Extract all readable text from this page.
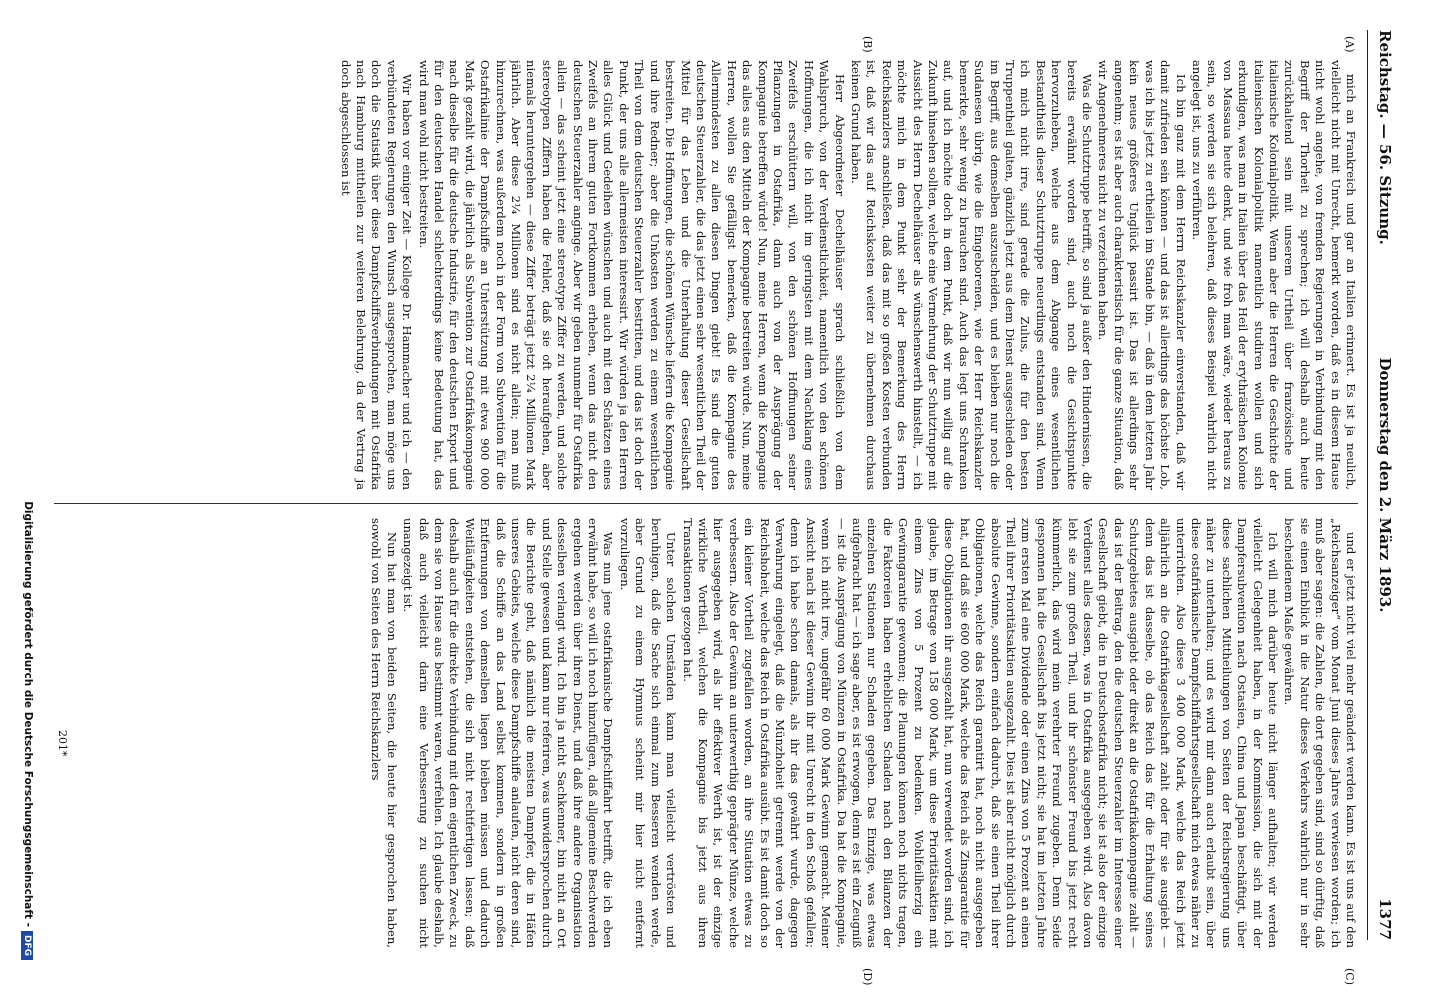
Reichstag. — 56. Sitzung.
Donnerstag den 2. März 1893.
1377
(A)
(B)
(C)
(D)

mich an Frankreich und gar an Italien erinnert. Es ist ja neulich, vielleicht nicht mit Unrecht, bemerkt worden, daß es in diesem Hause nicht wohl angehe, von fremden Regierungen in Verbindung mit den Begriff der Thorheit zu sprechen; ich will deshalb auch heute zurückhaltend sein mit unserem Urtheil über französische und italienische Kolonialpolitik. Wenn aber die Herren die Geschichte der italienischen Kolonialpolitik namentlich studiren wollen und sich erkundigen, was man in Italien über das Heil der erythräischen Kolonie von Massaua heute denkt, und wie froh man wäre, wieder heraus zu sein, so werden sie sich belehren, daß dieses Beispiel wahrlich nicht angelegt ist, uns zu verführen.

Ich bin ganz mit dem Herrn Reichskanzler einverstanden, daß wir damit zufrieden sein können — und das ist allerdings das höchste Lob, was ich bis jetzt zu ertheilen im Stande bin, — daß in dem letzten Jahr kein neues größeres Unglück passirt ist. Das ist allerdings sehr angenehm; es ist aber auch charakteristisch für die ganze Situation, daß wir Angenehmeres nicht zu verzeichnen haben.

Was die Schutztruppe betrifft, so sind ja außer den Hindernissen, die bereits erwähnt worden sind, auch noch die Gesichtspunkte hervorzuheben, welche aus dem Abgange eines wesentlichen Bestandtheils dieser Schutztruppe neuerdings entstanden sind. Wenn ich mich nicht irre, sind gerade die Zulus, die für den besten Truppentheil galten, gänzlich jetzt aus dem Dienst ausgeschieden oder im Begriff, aus demselben auszuscheiden, und es bleiben nur noch die Sudanesen übrig, wie die Eingeborenen, wie der Herr Reichskanzler bemerkte, sehr wenig zu brauchen sind. Auch das legt uns Schranken auf, und ich möchte doch in dem Punkt, daß wir nun willig auf die Zukunft hinsehen sollten, welche eine Vermehrung der Schutztruppe mit Aussicht des Herrn Dechelhäuser als wünschenswerth hinstellt, — ich möchte mich in dem Punkt sehr der Bemerkung des Herrn Reichskanzlers anschließen, daß das mit so großen Kosten verbunden ist, daß wir das auf Reichskosten weiter zu übernehmen durchaus keinen Grund haben.

Herr Abgeordneter Dechelhäuser sprach schließlich von dem Wahlspruch, von der Verdienstlichkeit, namentlich von den schönen Hoffnungen, die ich nicht im geringsten mit dem Nachklang eines Zweifels erschüttern will, von den schönen Hoffnungen seiner Pflanzungen in Ostafrika, dann auch von der Ausprägung der Kompagnie betreffen würde! Nun, meine Herren, wenn die Kompagnie das alles aus den Mitteln der Kompagnie bestreiten würde. Nun, meine Herren, wollen Sie gefälligst bemerken, daß die Kompagnie des Allermindesten zu allen diesen Dingen giebt! Es sind die guten deutschen Steuerzahler, die das jetzt einen sehr wesentlichen Theil der Mittel für das Leben und die Unterhaltung dieser Gesellschaft bestreiten. Die Hoffnungen, die schönen Wünsche liefern die Kompagnie und ihre Redner; aber die Unkosten werden zu einem wesentlichen Theil von dem deutschen Steuerzahler bestritten, und das ist doch der Punkt, der uns alle allermeisten interessirt. Wir würden ja den Herren alles Glück und Gedeihen wünschen und auch mit den Schätzen eines Zweifels an ihrem guten Fortkommen erheben, wenn das nicht den deutschen Steuerzahler anginge. Aber wir geben nunmehr für Ostafrika allein — das scheint jetzt eine stereotype Ziffer zu werden, und solche stereotypen Ziffern haben die Fehler, daß sie oft heraufgehen, aber niemals heruntergehen — diese Ziffer beträgt jetzt 2¼ Millionen Mark jährlich. Aber diese 2¼ Millionen sind es nicht allein; man muß hinzurechnen, was außerdem noch in der Form von Subvention für die Ostafrikalinie der Dampfschiffe an Unterstützung mit etwa 900 000 Mark gezahlt wird, die jährlich als Subvention zur Ostafrikakompagnie nach dieselbe für die deutsche Industrie, für den deutschen Export und für den deutschen Handel schlechterdings keine Bedeutung hat, das wird man wohl nicht bestreiten.

Wir haben vor einiger Zeit — Kollege Dr. Hammacher und ich — den verbündeten Regierungen den Wunsch ausgesprochen, man möge uns doch die Statistik über diese Dampfschiffsverbindungen mit Ostafrika nach Hamburg mittheilen zur weiteren Belehrung, da der Vertrag ja doch abgeschlossen ist

und er jetzt nicht viel mehr geändert werden kann. Es ist uns auf den „Reichsanzeiger“ vom Monat Juni dieses Jahres verwiesen worden; ich muß aber sagen: die Zahlen, die dort gegeben sind, sind so dürftig, daß sie einen Einblick in die Natur dieses Verkehrs wahrlich nur in sehr bescheidenem Maße gewähren.

Ich will mich darüber heute nicht länger aufhalten; wir werden vielleicht Gelegenheit haben, in der Kommission, die sich mit der Dampfersubvention nach Ostasien, China und Japan beschäftigt, über diese sachlichen Mittheilungen von Seiten der Reichsregierung uns näher zu unterhalten; und es wird mir dann auch erlaubt sein, über diese ostafrikanische Dampfschiffahrtsgesellschaft mich etwas näher zu unterrichten. Also diese 3 400 000 Mark, welche das Reich jetzt alljährlich an die Ostafrikagesellschaft zahlt oder für sie ausgiebt — denn das ist dasselbe, ob das Reich das für die Erhaltung seines Schutzgebietes ausgiebt oder direkt an die Ostafrikakompagnie zahlt — das ist der Beitrag, den die deutschen Steuerzahler im Interesse einer Gesellschaft giebt, die in Deutschostafrika nicht; sie ist also der einzige Verdienst alles dessen, was in Ostafrika ausgegeben wird. Also davon lebt sie zum großen Theil, und ihr schönster Freund bis jetzt recht kümmerlich, das wird mein verehrter Freund zugeben. Denn Seide gesponnen hat die Gesellschaft bis jetzt nicht; sie hat im letzten Jahre zum ersten Mal eine Dividende oder einen Zins von 5 Prozent an einen Theil ihrer Prioritätsaktien ausgezahlt. Dies ist aber nicht möglich durch absolute Gewinne, sondern einfach dadurch, daß sie einen Theil ihrer Obligationen, welche das Reich garantirt hat, noch nicht ausgegeben hat, und daß sie 600 000 Mark, welche das Reich als Zinsgarantie für diese Obligationen ihr ausgezahlt hat, nun verwendet worden sind, ich glaube, im Betrage von 158 000 Mark, um diese Prioritätsaktien mit einem Zins von 5 Prozent zu bedenken. Wohlfeilherzig ein Gewinngarantie gewonnen; die Planungen können noch nichts tragen, die Faktoreien haben erheblichen Schaden nach den Bilanzen der einzelnen Stationen nur Schaden gegeben. Das Einzige, was etwas aufgebracht hat — ich sage aber, es ist erwogen, denn es ist ein Zeugniß — ist die Ausprägung von Münzen in Ostafrika. Da hat die Kompagnie, wenn ich nicht irre, ungefähr 60 000 Mark Gewinn gemacht. Meiner Ansicht nach ist dieser Gewinn ihr mit Unrecht in den Schoß gefallen; denn ich habe schon damals, als ihr das gewährt wurde, dagegen Verwahrung eingelegt, daß die Münzhoheit getrennt werde von der Reichshoheit, welche das Reich in Ostafrika ausübt. Es ist damit doch so ein kleiner Vortheil zugefallen worden, an ihre Situation etwas zu verbessern. Also der Gewinn an unterwerthig geprägter Münze, welche hier ausgegeben wird, als ihr effektiver Werth ist, ist der einzige wirkliche Vortheil, welchen die Kompagnie bis jetzt aus ihren Transaktionen gezogen hat.

Unter solchen Umständen kann man vielleicht vertrösten und beruhigen, daß die Sache sich einmal zum Besseren wenden werde, aber Grund zu einem Hymnus scheint mir hier nicht entfernt vorzuliegen.

Was nun jene ostafrikanische Dampfschiffahrt betrifft, die ich eben erwähnt habe, so will ich noch hinzufügen, daß allgemeine Beschwerden ergehen werden über ihren Dienst, und daß ihre andere Organisation desselben verlangt wird. Ich bin ja nicht Sachkenner, bin nicht an Ort und Stelle gewesen und kann nur referiren, was unwidersprochen durch die Berichte geht, daß nämlich die meisten Dampfer, die in Häfen unseres Gebiets, welche diese Dampfschiffe anlaufen, nicht deren sind, daß die Schiffe an das Land selbst kommen, sondern in großen Entfernungen von demselben liegen bleiben müssen und dadurch Weitläufigkeiten entstehen, die sich nicht rechtfertigen lassen; daß deshalb auch für die direkte Verbindung mit dem eigentlichen Zweck, zu dem sie von Hause aus bestimmt waren, verfehlen. Ich glaube deshalb, daß auch vielleicht darin eine Verbesserung zu suchen nicht unangezeigt ist.

Nun hat man von beiden Seiten, die heute hier gesprochen haben, sowohl von Seiten des Herrn Reichskanzlers

201*
Digitalisierung gefördert durch die Deutsche Forschungsgemeinschaft -DFG
